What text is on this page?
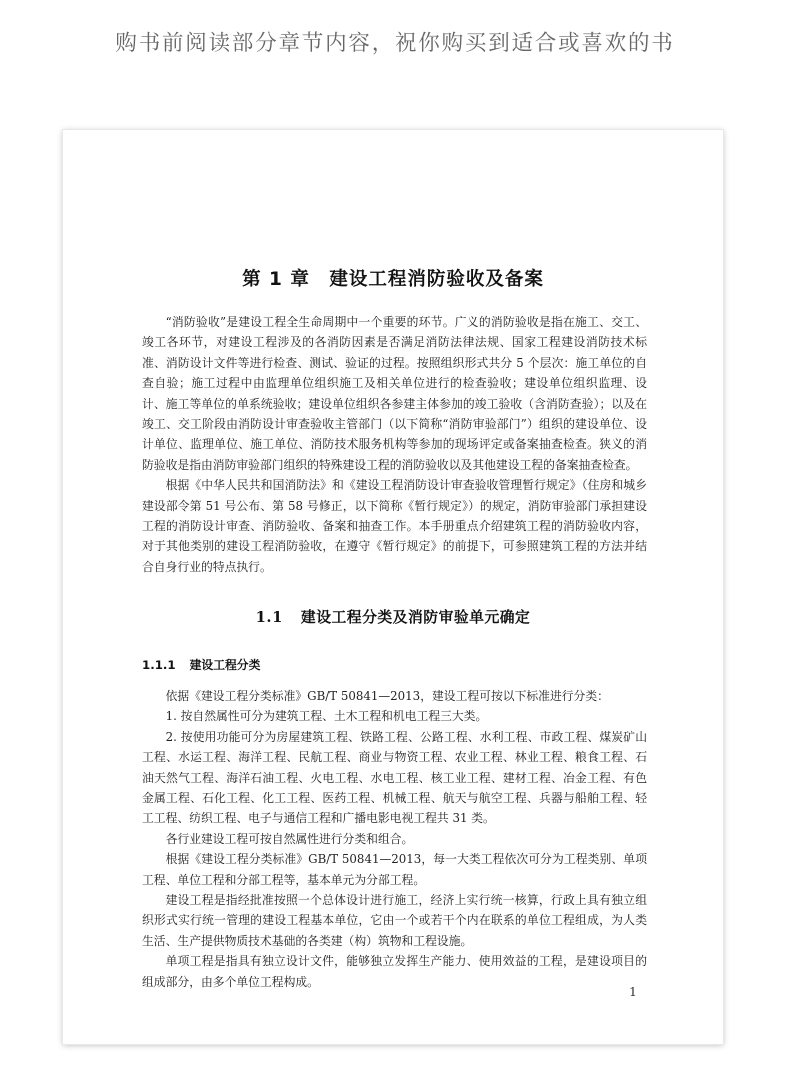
购书前阅读部分章节内容，祝你购买到适合或喜欢的书
第 1 章　建设工程消防验收及备案

“消防验收”是建设工程全生命周期中一个重要的环节。广义的消防验收是指在施工、交工、竣工各环节，对建设工程涉及的各消防因素是否满足消防法律法规、国家工程建设消防技术标准、消防设计文件等进行检查、测试、验证的过程。按照组织形式共分 5 个层次：施工单位的自查自验；施工过程中由监理单位组织施工及相关单位进行的检查验收；建设单位组织监理、设计、施工等单位的单系统验收；建设单位组织各参建主体参加的竣工验收（含消防查验）；以及在竣工、交工阶段由消防设计审查验收主管部门（以下简称“消防审验部门”）组织的建设单位、设计单位、监理单位、施工单位、消防技术服务机构等参加的现场评定或备案抽查检查。狭义的消防验收是指由消防审验部门组织的特殊建设工程的消防验收以及其他建设工程的备案抽查检查。

根据《中华人民共和国消防法》和《建设工程消防设计审查验收管理暂行规定》（住房和城乡建设部令第 51 号公布、第 58 号修正，以下简称《暂行规定》）的规定，消防审验部门承担建设工程的消防设计审查、消防验收、备案和抽查工作。本手册重点介绍建筑工程的消防验收内容，对于其他类别的建设工程消防验收，在遵守《暂行规定》的前提下，可参照建筑工程的方法并结合自身行业的特点执行。

1.1 建设工程分类及消防审验单元确定
1.1.1 建设工程分类

依据《建设工程分类标准》GB/T 50841—2013，建设工程可按以下标准进行分类：

1. 按自然属性可分为建筑工程、土木工程和机电工程三大类。

2. 按使用功能可分为房屋建筑工程、铁路工程、公路工程、水利工程、市政工程、煤炭矿山工程、水运工程、海洋工程、民航工程、商业与物资工程、农业工程、林业工程、粮食工程、石油天然气工程、海洋石油工程、火电工程、水电工程、核工业工程、建材工程、冶金工程、有色金属工程、石化工程、化工工程、医药工程、机械工程、航天与航空工程、兵器与船舶工程、轻工工程、纺织工程、电子与通信工程和广播电影电视工程共 31 类。

各行业建设工程可按自然属性进行分类和组合。

根据《建设工程分类标准》GB/T 50841—2013，每一大类工程依次可分为工程类别、单项工程、单位工程和分部工程等，基本单元为分部工程。

建设工程是指经批准按照一个总体设计进行施工，经济上实行统一核算，行政上具有独立组织形式实行统一管理的建设工程基本单位，它由一个或若干个内在联系的单位工程组成，为人类生活、生产提供物质技术基础的各类建（构）筑物和工程设施。

单项工程是指具有独立设计文件，能够独立发挥生产能力、使用效益的工程，是建设项目的组成部分，由多个单位工程构成。

1
